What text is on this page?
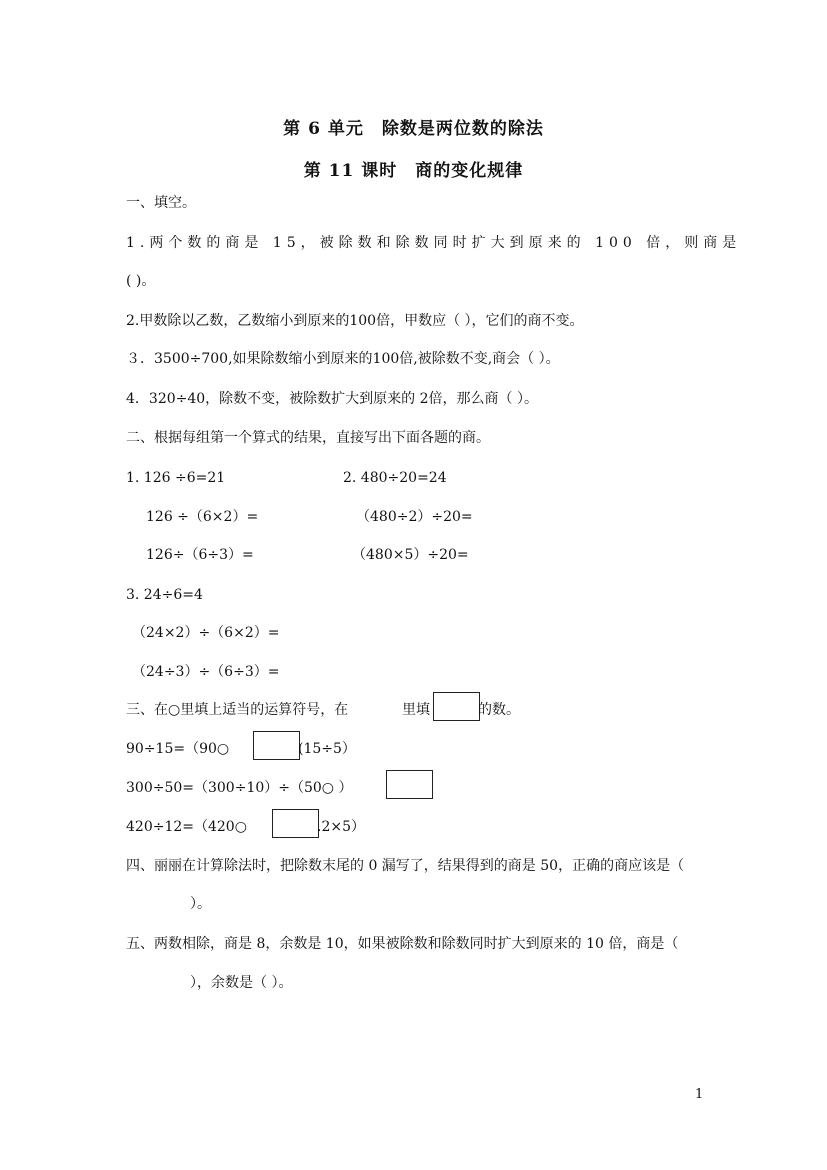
第 6 单元　除数是两位数的除法
第 11 课时　商的变化规律
一、填空。
1.两个数的商是 15，被除数和除数同时扩大到原来的 100 倍，则商是
( )。
2.甲数除以乙数，乙数缩小到原来的100倍，甲数应（ ），它们的商不变。
３．3500÷700,如果除数缩小到原来的100倍,被除数不变,商会（ ）。
4．320÷40，除数不变，被除数扩大到原来的 2倍，那么商（ ）。
二、根据每组第一个算式的结果，直接写出下面各题的商。
1. 126 ÷6=21
126 ÷（6×2）=
126÷（6÷3）=
2. 480÷20=24
（480÷2）÷20=
（480×5）÷20=
3. 24÷6=4
（24×2）÷（6×2）=
（24÷3）÷（6÷3）=
三、在○里填上适当的运算符号，在	里填	的数。
90÷15=（90○	(15÷5）
300÷50=（300÷10）÷（50○ ）
420÷12=（420○	.2×5）
四、丽丽在计算除法时，把除数末尾的 0 漏写了，结果得到的商是 50，正确的商应该是（
）。
五、两数相除，商是 8，余数是 10，如果被除数和除数同时扩大到原来的 10 倍，商是（
），余数是（ ）。
1
